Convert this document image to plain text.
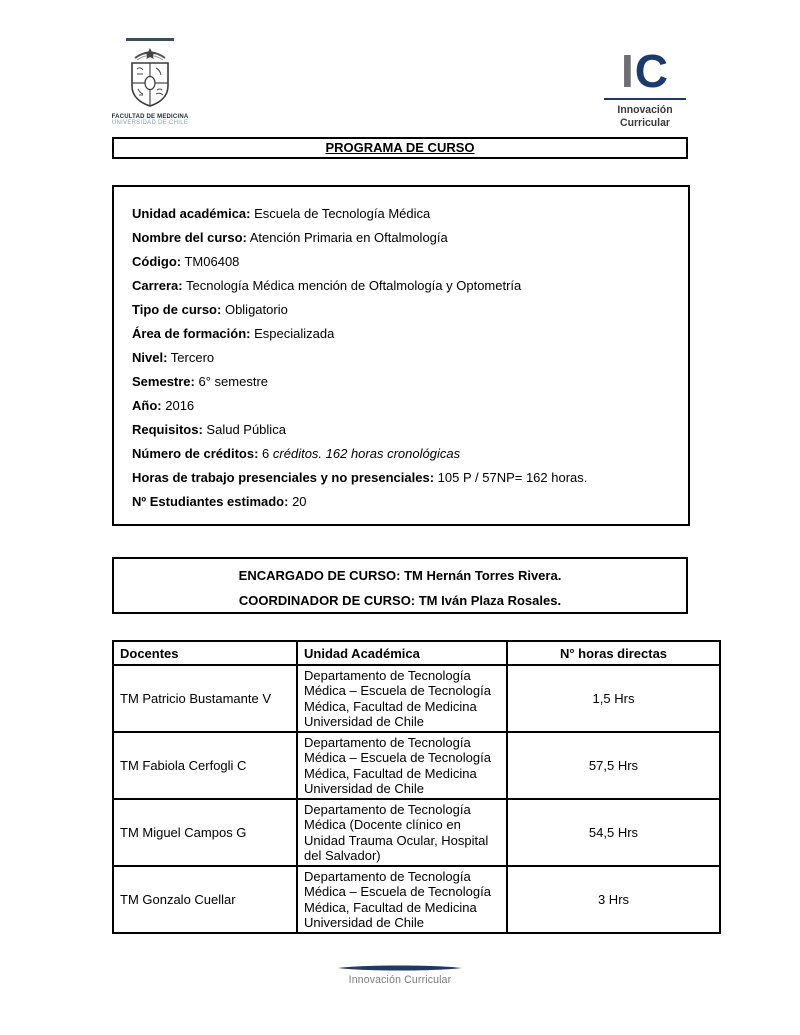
FACULTAD DE MEDICINA
UNIVERSIDAD DE CHILE
IC
Innovación
Curricular
PROGRAMA DE CURSO
Unidad académica: Escuela de Tecnología Médica
Nombre del curso: Atención Primaria en Oftalmología
Código: TM06408
Carrera: Tecnología Médica mención de Oftalmología y Optometría
Tipo de curso: Obligatorio
Área de formación: Especializada
Nivel: Tercero
Semestre: 6° semestre
Año: 2016
Requisitos: Salud Pública
Número de créditos: 6 créditos. 162 horas cronológicas
Horas de trabajo presenciales y no presenciales: 105 P / 57NP= 162 horas.
Nº Estudiantes estimado: 20
ENCARGADO DE CURSO: TM Hernán Torres Rivera.
COORDINADOR DE CURSO: TM Iván Plaza Rosales.
Docentes	Unidad Académica	N° horas directas
TM Patricio Bustamante V	Departamento de Tecnología Médica – Escuela de Tecnología Médica, Facultad de Medicina Universidad de Chile	1,5 Hrs
TM Fabiola Cerfogli C	Departamento de Tecnología Médica – Escuela de Tecnología Médica, Facultad de Medicina Universidad de Chile	57,5 Hrs
TM Miguel Campos G	Departamento de Tecnología Médica (Docente clínico en Unidad Trauma Ocular, Hospital del Salvador)	54,5 Hrs
TM Gonzalo Cuellar	Departamento de Tecnología Médica – Escuela de Tecnología Médica, Facultad de Medicina Universidad de Chile	3 Hrs
Innovación Curricular
